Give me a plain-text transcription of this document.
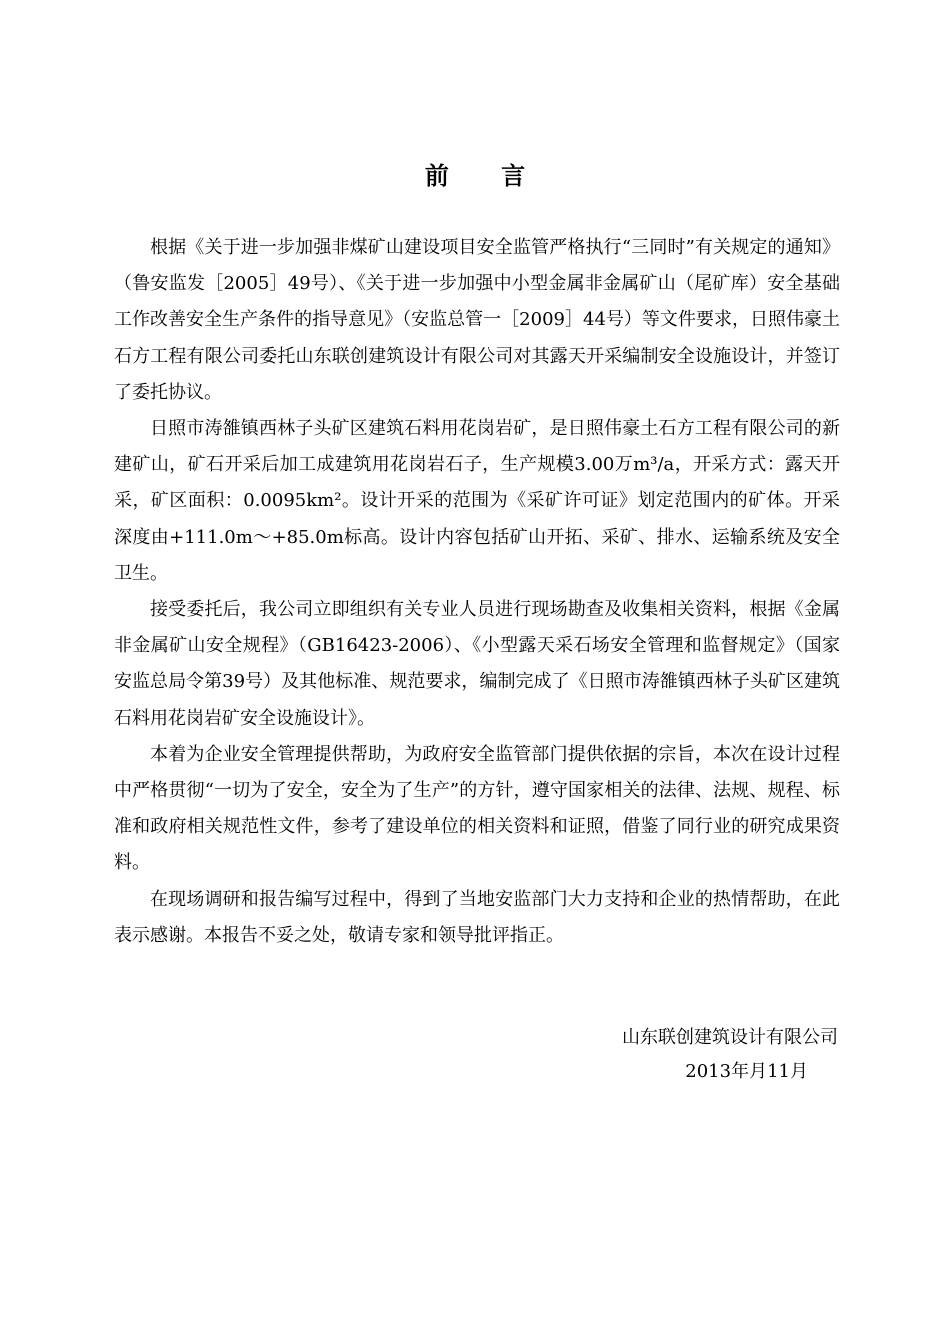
前 言

根据《关于进一步加强非煤矿山建设项目安全监管严格执行“三同时”有关规定的通知》（鲁安监发［2005］49号）、《关于进一步加强中小型金属非金属矿山（尾矿库）安全基础工作改善安全生产条件的指导意见》（安监总管一［2009］44号）等文件要求，日照伟豪土石方工程有限公司委托山东联创建筑设计有限公司对其露天开采编制安全设施设计，并签订了委托协议。

日照市涛雒镇西林子头矿区建筑石料用花岗岩矿，是日照伟豪土石方工程有限公司的新建矿山，矿石开采后加工成建筑用花岗岩石子，生产规模3.00万m³/a，开采方式：露天开采，矿区面积：0.0095km²。设计开采的范围为《采矿许可证》划定范围内的矿体。开采深度由+111.0m～+85.0m标高。设计内容包括矿山开拓、采矿、排水、运输系统及安全卫生。

接受委托后，我公司立即组织有关专业人员进行现场勘查及收集相关资料，根据《金属非金属矿山安全规程》（GB16423-2006）、《小型露天采石场安全管理和监督规定》（国家安监总局令第39号）及其他标准、规范要求，编制完成了《日照市涛雒镇西林子头矿区建筑石料用花岗岩矿安全设施设计》。

本着为企业安全管理提供帮助，为政府安全监管部门提供依据的宗旨，本次在设计过程中严格贯彻“一切为了安全，安全为了生产”的方针，遵守国家相关的法律、法规、规程、标准和政府相关规范性文件，参考了建设单位的相关资料和证照，借鉴了同行业的研究成果资料。

在现场调研和报告编写过程中，得到了当地安监部门大力支持和企业的热情帮助，在此表示感谢。本报告不妥之处，敬请专家和领导批评指正。

山东联创建筑设计有限公司
2013年月11月
